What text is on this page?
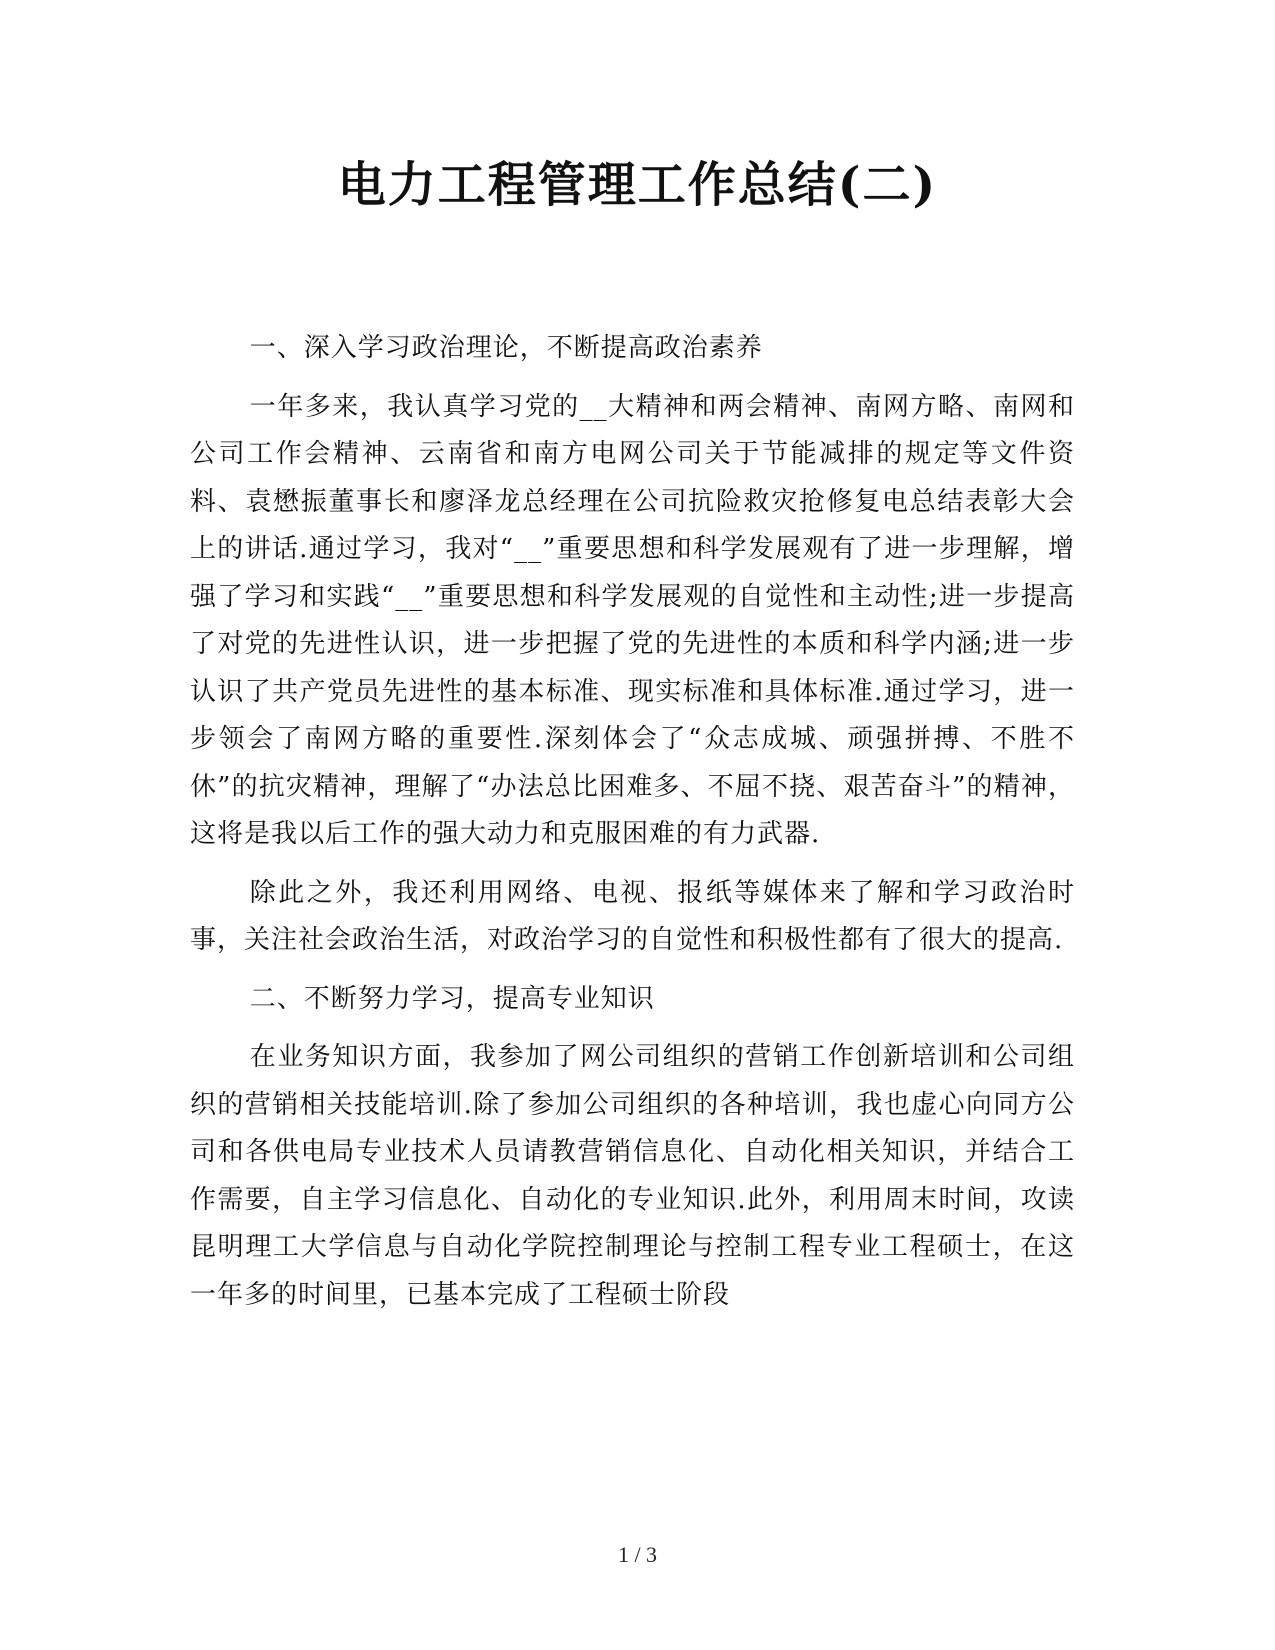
电力工程管理工作总结(二)

一、深入学习政治理论，不断提高政治素养

一年多来，我认真学习党的__大精神和两会精神、南网方略、南网和公司工作会精神、云南省和南方电网公司关于节能减排的规定等文件资料、袁懋振董事长和廖泽龙总经理在公司抗险救灾抢修复电总结表彰大会上的讲话.通过学习，我对“__”重要思想和科学发展观有了进一步理解，增强了学习和实践“__”重要思想和科学发展观的自觉性和主动性;进一步提高了对党的先进性认识，进一步把握了党的先进性的本质和科学内涵;进一步认识了共产党员先进性的基本标准、现实标准和具体标准.通过学习，进一步领会了南网方略的重要性.深刻体会了“众志成城、顽强拼搏、不胜不休”的抗灾精神，理解了“办法总比困难多、不屈不挠、艰苦奋斗”的精神，这将是我以后工作的强大动力和克服困难的有力武器.

除此之外，我还利用网络、电视、报纸等媒体来了解和学习政治时事，关注社会政治生活，对政治学习的自觉性和积极性都有了很大的提高.

二、不断努力学习，提高专业知识

在业务知识方面，我参加了网公司组织的营销工作创新培训和公司组织的营销相关技能培训.除了参加公司组织的各种培训，我也虚心向同方公司和各供电局专业技术人员请教营销信息化、自动化相关知识，并结合工作需要，自主学习信息化、自动化的专业知识.此外，利用周末时间，攻读昆明理工大学信息与自动化学院控制理论与控制工程专业工程硕士，在这一年多的时间里，已基本完成了工程硕士阶段

1 / 3
